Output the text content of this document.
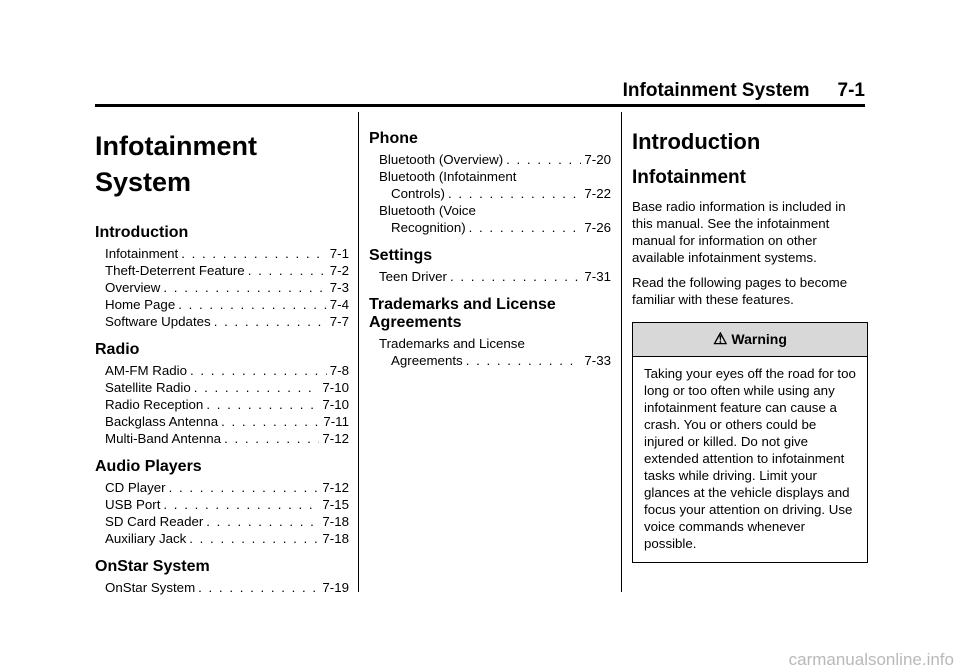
Infotainment System 7-1
Infotainment
System
Introduction
Infotainment . . .	7-1
Theft-Deterrent Feature . . .	7-2
Overview . . .	7-3
Home Page . . .	7-4
Software Updates . . .	7-7
Radio
AM-FM Radio . . .	7-8
Satellite Radio . . .	7-10
Radio Reception . . .	7-10
Backglass Antenna . . .	7-11
Multi-Band Antenna . . .	7-12
Audio Players
CD Player . . .	7-12
USB Port . . .	7-15
SD Card Reader . . .	7-18
Auxiliary Jack . . .	7-18
OnStar System
OnStar System . . .	7-19
Phone
Bluetooth (Overview) . . .	7-20
Bluetooth (Infotainment
Controls) . . .	7-22
Bluetooth (Voice
Recognition) . . .	7-26
Settings
Teen Driver . . .	7-31
Trademarks and License
Agreements
Trademarks and License
Agreements . . .	7-33
Introduction
Infotainment

Base radio information is included in this manual. See the infotainment manual for information on other available infotainment systems.

Read the following pages to become familiar with these features.

⚠ Warning
Taking your eyes off the road for too long or too often while using any infotainment feature can cause a crash. You or others could be injured or killed. Do not give extended attention to infotainment tasks while driving. Limit your glances at the vehicle displays and focus your attention on driving. Use voice commands whenever possible.
carmanualsonline.info
